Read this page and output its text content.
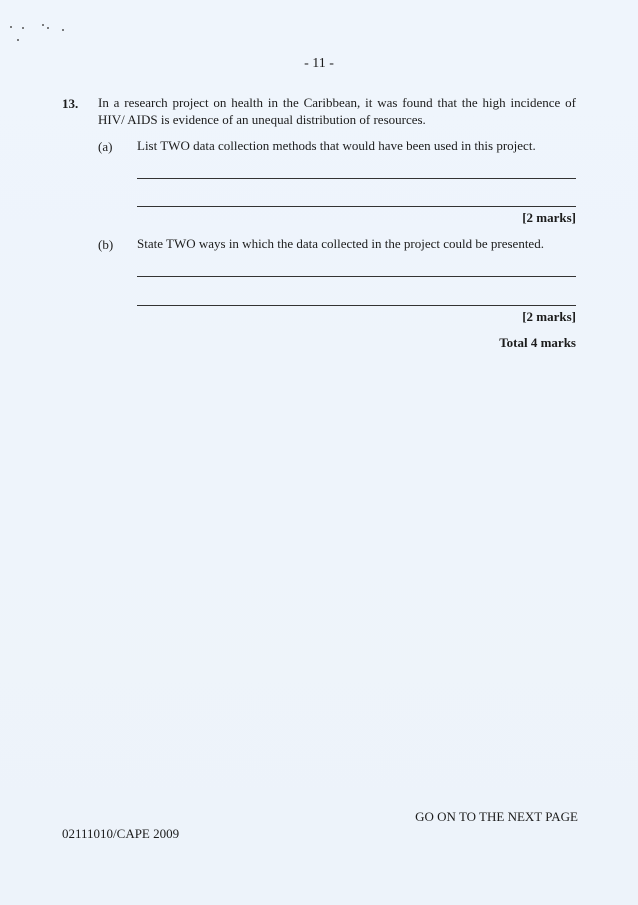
- 11 -
13. In a research project on health in the Caribbean, it was found that the high incidence of HIV/ AIDS is evidence of an unequal distribution of resources.
(a) List TWO data collection methods that would have been used in this project.
[2 marks]
(b) State TWO ways in which the data collected in the project could be presented.
[2 marks]
Total 4 marks
GO ON TO THE NEXT PAGE
02111010/CAPE 2009
